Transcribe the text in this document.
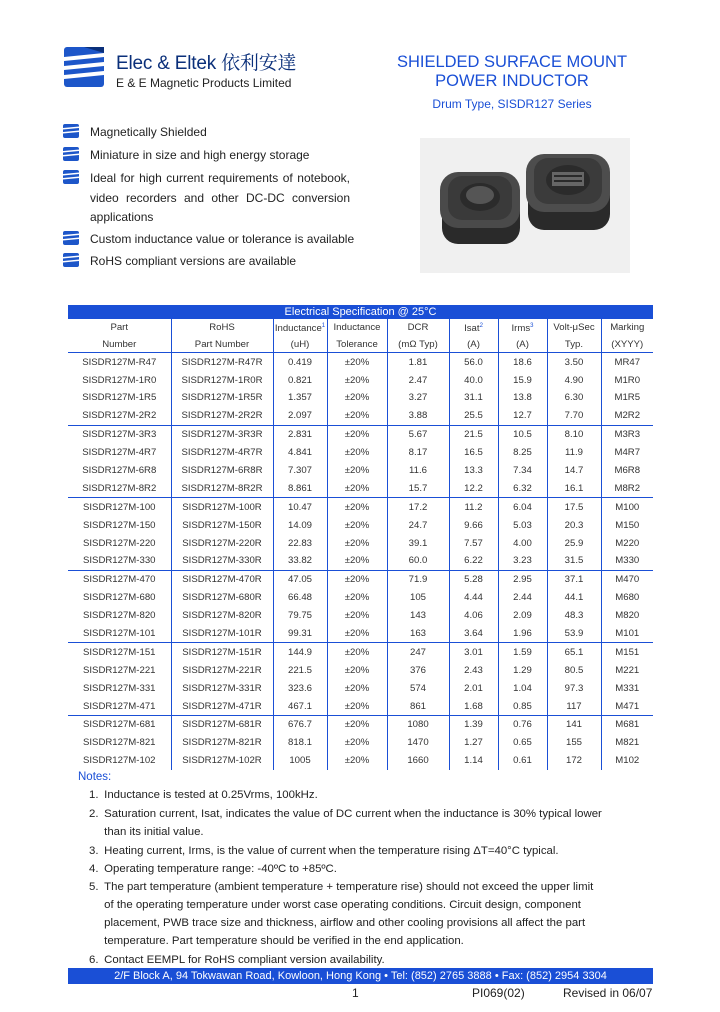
Elec & Eltek 依利安達
E & E Magnetic Products Limited
SHIELDED SURFACE MOUNT
POWER INDUCTOR
Drum Type, SISDR127 Series
Magnetically Shielded
Miniature in size and high energy storage
Ideal for high current requirements of notebook, video recorders and other DC-DC conversion applications
Custom inductance value or tolerance is available
RoHS compliant versions are available
Electrical Specification @ 25°C								
Part	RoHS	Inductance$^1$	Inductance	DCR	Isat$^2$	Irms$^3$	Volt-μSec	Marking
Number	Part Number	(uH)	Tolerance	(mΩ Typ)	(A)	(A)	Typ.	(XYYY)
SISDR127M-R47	SISDR127M-R47R	0.419	±20%	1.81	56.0	18.6	3.50	MR47
SISDR127M-1R0	SISDR127M-1R0R	0.821	±20%	2.47	40.0	15.9	4.90	M1R0
SISDR127M-1R5	SISDR127M-1R5R	1.357	±20%	3.27	31.1	13.8	6.30	M1R5
SISDR127M-2R2	SISDR127M-2R2R	2.097	±20%	3.88	25.5	12.7	7.70	M2R2
SISDR127M-3R3	SISDR127M-3R3R	2.831	±20%	5.67	21.5	10.5	8.10	M3R3
SISDR127M-4R7	SISDR127M-4R7R	4.841	±20%	8.17	16.5	8.25	11.9	M4R7
SISDR127M-6R8	SISDR127M-6R8R	7.307	±20%	11.6	13.3	7.34	14.7	M6R8
SISDR127M-8R2	SISDR127M-8R2R	8.861	±20%	15.7	12.2	6.32	16.1	M8R2
SISDR127M-100	SISDR127M-100R	10.47	±20%	17.2	11.2	6.04	17.5	M100
SISDR127M-150	SISDR127M-150R	14.09	±20%	24.7	9.66	5.03	20.3	M150
SISDR127M-220	SISDR127M-220R	22.83	±20%	39.1	7.57	4.00	25.9	M220
SISDR127M-330	SISDR127M-330R	33.82	±20%	60.0	6.22	3.23	31.5	M330
SISDR127M-470	SISDR127M-470R	47.05	±20%	71.9	5.28	2.95	37.1	M470
SISDR127M-680	SISDR127M-680R	66.48	±20%	105	4.44	2.44	44.1	M680
SISDR127M-820	SISDR127M-820R	79.75	±20%	143	4.06	2.09	48.3	M820
SISDR127M-101	SISDR127M-101R	99.31	±20%	163	3.64	1.96	53.9	M101
SISDR127M-151	SISDR127M-151R	144.9	±20%	247	3.01	1.59	65.1	M151
SISDR127M-221	SISDR127M-221R	221.5	±20%	376	2.43	1.29	80.5	M221
SISDR127M-331	SISDR127M-331R	323.6	±20%	574	2.01	1.04	97.3	M331
SISDR127M-471	SISDR127M-471R	467.1	±20%	861	1.68	0.85	117	M471
SISDR127M-681	SISDR127M-681R	676.7	±20%	1080	1.39	0.76	141	M681
SISDR127M-821	SISDR127M-821R	818.1	±20%	1470	1.27	0.65	155	M821
SISDR127M-102	SISDR127M-102R	1005	±20%	1660	1.14	0.61	172	M102
Notes:
1. Inductance is tested at 0.25Vrms, 100kHz.
2. Saturation current, Isat, indicates the value of DC current when the inductance is 30% typical lower than its initial value.
3. Heating current, Irms, is the value of current when the temperature rising ΔT=40°C typical.
4. Operating temperature range: -40ºC to +85ºC.
5. The part temperature (ambient temperature + temperature rise) should not exceed the upper limit of the operating temperature under worst case operating conditions. Circuit design, component placement, PWB trace size and thickness, airflow and other cooling provisions all affect the part temperature. Part temperature should be verified in the end application.
6. Contact EEMPL for RoHS compliant version availability.
2/F Block A, 94 Tokwawan Road, Kowloon, Hong Kong • Tel: (852) 2765 3888 • Fax: (852) 2954 3304
1	PI069(02)	Revised in 06/07
